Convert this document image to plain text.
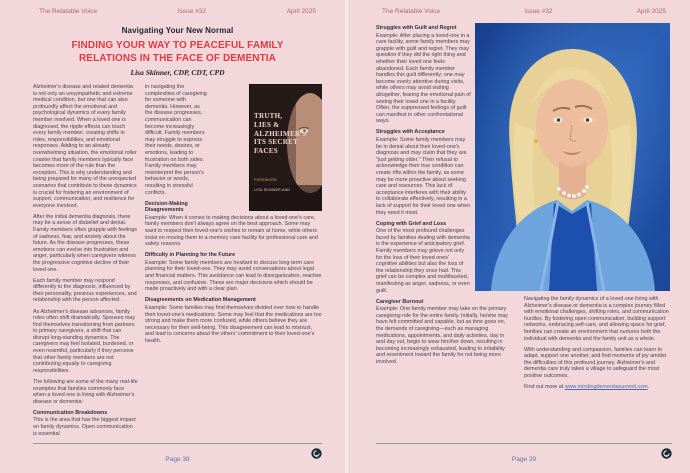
The Relatable Voice	Issue #32	April 2025
Navigating Your New Normal
FINDING YOUR WAY TO PEACEFUL FAMILY
RELATIONS IN THE FACE OF DEMENTIA
Lisa Skinner, CDP, CDT, CPD

Alzheimer's disease and related dementia is not only an unsympathetic and extreme medical condition, but one that can also profoundly affect the emotional and psychological dynamics of every family member involved. When a loved one is diagnosed, the ripple effects can touch every family member, creating shifts in roles, responsibilities, and emotional responses. Adding to an already overwhelming situation, the emotional roller coaster that family members typically face becomes more of the rule than the exception. This is why understanding and being prepared for many of the unexpected scenarios that contribute to these dynamics is crucial for fostering an environment of support, communication, and resilience for everyone involved.

After the initial dementia diagnosis, there may be a sense of disbelief and denial. Family members often grapple with feelings of sadness, fear, and anxiety about the future. As the disease progresses, these emotions can evolve into frustration and anger, particularly when caregivers witness the progressive cognitive decline of their loved one.

Each family member may respond differently to the diagnosis, influenced by their personality, previous experiences, and relationship with the person affected.

As Alzheimer's disease advances, family roles often shift dramatically. Spouses may find themselves transitioning from partners to primary caregivers, a shift that can disrupt long-standing dynamics. The caregivers may feel isolated, burdened, or even resentful, particularly if they perceive that other family members are not contributing equally to caregiving responsibilities.

The following are some of the many real-life examples that families commonly face when a loved one is living with Alzheimer's disease or dementia:

Communication Breakdowns

This is the area that has the biggest impact on family dynamics. Open communication is essential

TRUTH,
LIES &
ALZHEIMER'S
ITS SECRET
FACES
FOREWORD
LISA SKINNER AND

in navigating the complexities of caregiving for someone with dementia. However, as the disease progresses, communication can become increasingly difficult. Family members may struggle to express their needs, desires, or emotions, leading to frustration on both sides. Family members may misinterpret the person's behavior or words, resulting in stressful conflicts.

Decision-Making Disagreements

Example: When it comes to making decisions about a loved-one's care, family members don't always agree on the best approach. Some may want to respect their loved-one's wishes to remain at home, while others insist on moving them to a memory care facility for professional care and safety reasons.

Difficulty in Planning for the Future

Example: Some family members are hesitant to discuss long-term care planning for their loved-one. They may avoid conversations about legal and financial matters. This avoidance can lead to disorganization, reactive responses, and confusion. These are major decisions which should be made proactively and with a clear plan.

Disagreements on Medication Management

Example: Some families may find themselves divided over how to handle their loved-one's medications. Some may feel that the medications are too strong and make them more confused, while others believe they are necessary for their well-being. This disagreement can lead to mistrust, and lead to concerns about the others' commitment to their loved-one's health.

Page 38
The Relatable Voice	Issue #32	April 2025
Struggles with Guilt and Regret

Example: After placing a loved-one in a care facility, some family members may grapple with guilt and regret. They may question if they did the right thing and whether their loved one feels abandoned. Each family member handles this guilt differently; one may become overly attentive during visits, while others may avoid visiting altogether, fearing the emotional pain of seeing their loved one in a facility. Often, the suppressed feelings of guilt can manifest in other confrontational ways.

Struggles with Acceptance

Example: Some family members may be in denial about their loved-one's diagnosis and may claim that they are "just getting older." Their refusal to acknowledge their true condition can create rifts within the family, as some may be more proactive about seeking care and resources. This lack of acceptance interferes with their ability to collaborate effectively, resulting in a lack of support for their loved one when they need it most.

Coping with Grief and Loss

One of the most profound challenges faced by families dealing with dementia is the experience of anticipatory grief. Family members may grieve not only for the loss of their loved ones' cognitive abilities but also the loss of the relationship they once had. This grief can be complex and multifaceted, manifesting as anger, sadness, or even guilt.

Caregiver Burnout

Example: One family member may take on the primary caregiving role for the entire family. Initially, he/she may have felt committed and capable, but as time goes on, the demands of caregiving—such as managing medications, appointments, and daily activities, day in and day out, begin to wear him/her down, resulting in becoming increasingly exhausted, leading to irritability and resentment toward the family for not being more involved.

Navigating the family dynamics of a loved one living with Alzheimer's disease or dementia is a complex journey filled with emotional challenges, shifting roles, and communication hurdles. By fostering open communication, building support networks, embracing self-care, and allowing space for grief, families can create an environment that nurtures both the individual with dementia and the family unit as a whole.

With understanding and compassion, families can learn to adapt, support one another, and find moments of joy amidst the difficulties of this profound journey. Alzheimer's and dementia care truly takes a village to safeguard the most positive outcomes.

Find out more at www.mindingdementiasummit.com.

Page 39
